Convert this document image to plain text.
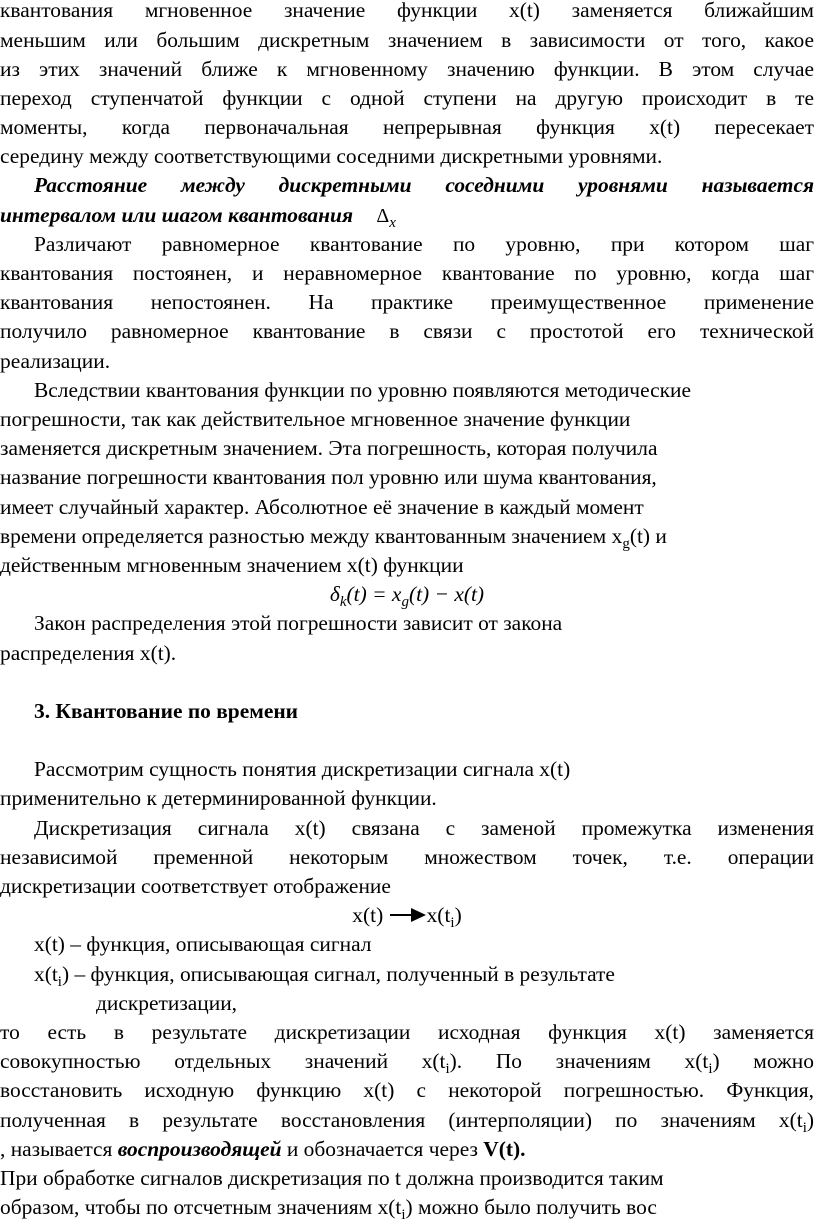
квантования мгновенное значение функции x(t) заменяется ближайшим
меньшим или большим дискретным значением в зависимости от того, какое
из этих значений ближе к мгновенному значению функции. В этом случае
переход ступенчатой функции с одной ступени на другую происходит в те
моменты, когда первоначальная непрерывная функция x(t) пересекает
середину между соответствующими соседними дискретными уровнями.
Расстояние между дискретными соседними уровнями называется
интервалом или шагом квантования $\Delta_x$
Различают равномерное квантование по уровню, при котором шаг
квантования постоянен, и неравномерное квантование по уровню, когда шаг
квантования непостоянен. На практике преимущественное применение
получило равномерное квантование в связи с простотой его технической
реализации.
Вследствии квантования функции по уровню появляются методические
погрешности, так как действительное мгновенное значение функции
заменяется дискретным значением. Эта погрешность, которая получила
название погрешности квантования пол уровню или шума квантования,
имеет случайный характер. Абсолютное её значение в каждый момент
времени определяется разностью между квантованным значением $x_g(t)$ и
действенным мгновенным значением x(t) функции
$\delta_k(t) = x_g(t) - x(t)$
Закон распределения этой погрешности зависит от закона
распределения x(t).
3. Квантование по времени
Рассмотрим сущность понятия дискретизации сигнала x(t)
применительно к детерминированной функции.
Дискретизация сигнала x(t) связана с заменой промежутка изменения
независимой пременной некоторым множеством точек, т.е. операции
дискретизации соответствует отображение
x(t) $x(t_i)$
x(t) – функция, описывающая сигнал
$x(t_i)$ – функция, описывающая сигнал, полученный в результате
дискретизации,
то есть в результате дискретизации исходная функция x(t) заменяется
совокупностью отдельных значений $x(t_i)$. По значениям $x(t_i)$ можно
восстановить исходную функцию x(t) с некоторой погрешностью. Функция,
полученная в результате восстановления (интерполяции) по значениям $x(t_i)$
, называется воспроизводящей и обозначается через V(t).
При обработке сигналов дискретизация по t должна производится таким
образом, чтобы по отсчетным значениям $x(t_i)$ можно было получить вос
